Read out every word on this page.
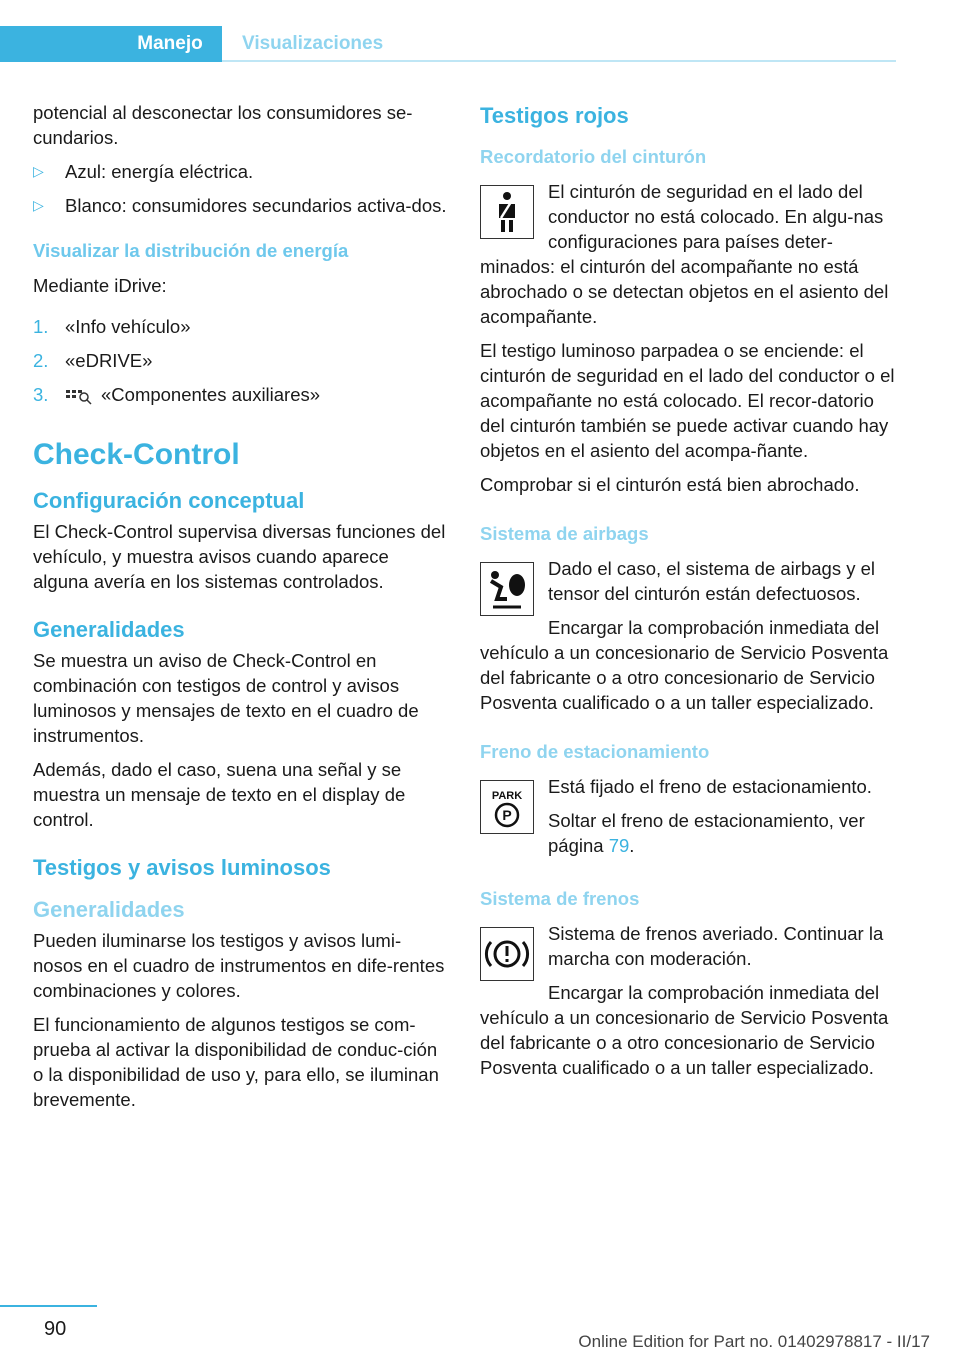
Manejo	Visualizaciones

potencial al desconectar los consumidores se-cundarios.

▷	Azul: energía eléctrica.
▷	Blanco: consumidores secundarios activa-dos.
Visualizar la distribución de energía

Mediante iDrive:

1. «Info vehículo»
2. «eDRIVE»
3.	«Componentes auxiliares»
Check-Control
Configuración conceptual

El Check-Control supervisa diversas funciones del vehículo, y muestra avisos cuando aparece alguna avería en los sistemas controlados.

Generalidades

Se muestra un aviso de Check-Control en combinación con testigos de control y avisos luminosos y mensajes de texto en el cuadro de instrumentos.

Además, dado el caso, suena una señal y se muestra un mensaje de texto en el display de control.

Testigos y avisos luminosos
Generalidades

Pueden iluminarse los testigos y avisos lumi-nosos en el cuadro de instrumentos en dife-rentes combinaciones y colores.

El funcionamiento de algunos testigos se com-prueba al activar la disponibilidad de conduc-ción o la disponibilidad de uso y, para ello, se iluminan brevemente.

Testigos rojos
Recordatorio del cinturón

El cinturón de seguridad en el lado del conductor no está colocado. En algu-nas configuraciones para países deter-minados: el cinturón del acompañante no está abrochado o se detectan objetos en el asiento del acompañante.

El testigo luminoso parpadea o se enciende: el cinturón de seguridad en el lado del conductor o el acompañante no está colocado. El recor-datorio del cinturón también se puede activar cuando hay objetos en el asiento del acompa-ñante.

Comprobar si el cinturón está bien abrochado.

Sistema de airbags

Dado el caso, el sistema de airbags y el tensor del cinturón están defectuosos.

Encargar la comprobación inmediata del vehículo a un concesionario de Servicio Posventa del fabricante o a otro concesionario de Servicio Posventa cualificado o a un taller especializado.

Freno de estacionamiento
PARK
P

Está fijado el freno de estacionamiento.

Soltar el freno de estacionamiento, ver página 79.

Sistema de frenos

Sistema de frenos averiado. Continuar la marcha con moderación.

Encargar la comprobación inmediata del vehículo a un concesionario de Servicio Posventa del fabricante o a otro concesionario de Servicio Posventa cualificado o a un taller especializado.

90
Online Edition for Part no. 01402978817 - II/17
